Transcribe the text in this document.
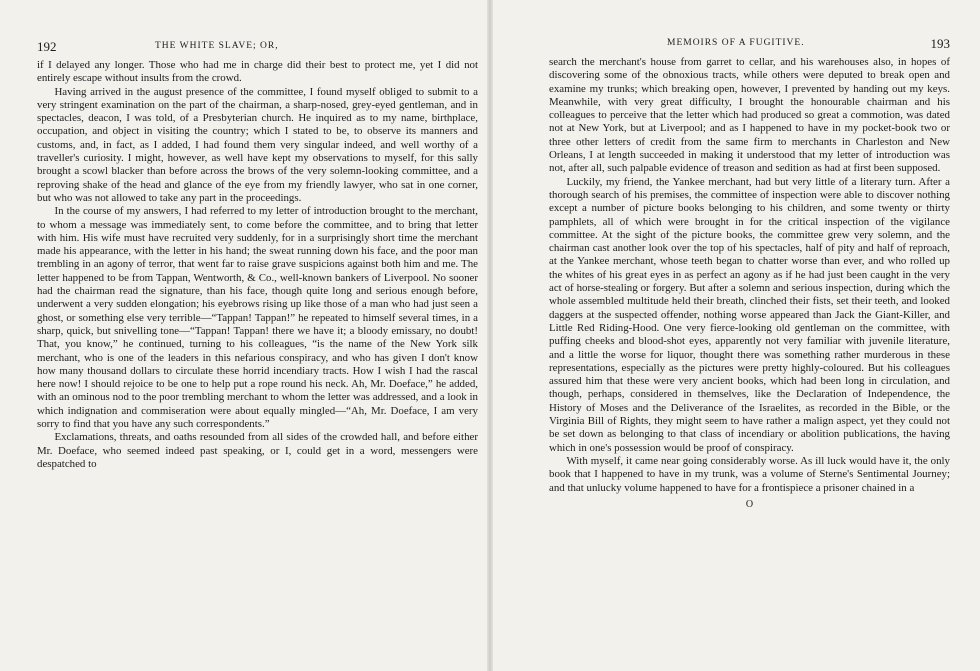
192	THE WHITE SLAVE; OR,

if I delayed any longer. Those who had me in charge did their best to protect me, yet I did not entirely escape without insults from the crowd.

Having arrived in the august presence of the committee, I found myself obliged to submit to a very stringent examination on the part of the chairman, a sharp-nosed, grey-eyed gentleman, and in spectacles, deacon, I was told, of a Presbyterian church. He inquired as to my name, birthplace, occupation, and object in visiting the country; which I stated to be, to observe its manners and customs, and, in fact, as I added, I had found them very singular indeed, and well worthy of a traveller's curiosity. I might, however, as well have kept my observations to myself, for this sally brought a scowl blacker than before across the brows of the very solemn-looking committee, and a reproving shake of the head and glance of the eye from my friendly lawyer, who sat in one corner, but who was not allowed to take any part in the proceedings.

In the course of my answers, I had referred to my letter of introduction brought to the merchant, to whom a message was immediately sent, to come before the committee, and to bring that letter with him. His wife must have recruited very suddenly, for in a surprisingly short time the merchant made his appearance, with the letter in his hand; the sweat running down his face, and the poor man trembling in an agony of terror, that went far to raise grave suspicions against both him and me. The letter happened to be from Tappan, Wentworth, & Co., well-known bankers of Liverpool. No sooner had the chairman read the signature, than his face, though quite long and serious enough before, underwent a very sudden elongation; his eyebrows rising up like those of a man who had just seen a ghost, or something else very terrible—“Tappan! Tappan!” he repeated to himself several times, in a sharp, quick, but snivelling tone—“Tappan! Tappan! there we have it; a bloody emissary, no doubt! That, you know,” he continued, turning to his colleagues, “is the name of the New York silk merchant, who is one of the leaders in this nefarious conspiracy, and who has given I don't know how many thousand dollars to circulate these horrid incendiary tracts. How I wish I had the rascal here now! I should rejoice to be one to help put a rope round his neck. Ah, Mr. Doeface,” he added, with an ominous nod to the poor trembling merchant to whom the letter was addressed, and a look in which indignation and commiseration were about equally mingled—“Ah, Mr. Doeface, I am very sorry to find that you have any such correspondents.”

Exclamations, threats, and oaths resounded from all sides of the crowded hall, and before either Mr. Doeface, who seemed indeed past speaking, or I, could get in a word, messengers were despatched to

MEMOIRS OF A FUGITIVE.	193

search the merchant's house from garret to cellar, and his warehouses also, in hopes of discovering some of the obnoxious tracts, while others were deputed to break open and examine my trunks; which breaking open, however, I prevented by handing out my keys. Meanwhile, with very great difficulty, I brought the honourable chairman and his colleagues to perceive that the letter which had produced so great a commotion, was dated not at New York, but at Liverpool; and as I happened to have in my pocket-book two or three other letters of credit from the same firm to merchants in Charleston and New Orleans, I at length succeeded in making it understood that my letter of introduction was not, after all, such palpable evidence of treason and sedition as had at first been supposed.

Luckily, my friend, the Yankee merchant, had but very little of a literary turn. After a thorough search of his premises, the committee of inspection were able to discover nothing except a number of picture books belonging to his children, and some twenty or thirty pamphlets, all of which were brought in for the critical inspection of the vigilance committee. At the sight of the picture books, the committee grew very solemn, and the chairman cast another look over the top of his spectacles, half of pity and half of reproach, at the Yankee merchant, whose teeth began to chatter worse than ever, and who rolled up the whites of his great eyes in as perfect an agony as if he had just been caught in the very act of horse-stealing or forgery. But after a solemn and serious inspection, during which the whole assembled multitude held their breath, clinched their fists, set their teeth, and looked daggers at the suspected offender, nothing worse appeared than Jack the Giant-Killer, and Little Red Riding-Hood. One very fierce-looking old gentleman on the committee, with puffing cheeks and blood-shot eyes, apparently not very familiar with juvenile literature, and a little the worse for liquor, thought there was something rather murderous in these representations, especially as the pictures were pretty highly-coloured. But his colleagues assured him that these were very ancient books, which had been long in circulation, and though, perhaps, considered in themselves, like the Declaration of Independence, the History of Moses and the Deliverance of the Israelites, as recorded in the Bible, or the Virginia Bill of Rights, they might seem to have rather a malign aspect, yet they could not be set down as belonging to that class of incendiary or abolition publications, the having which in one's possession would be proof of conspiracy.

With myself, it came near going considerably worse. As ill luck would have it, the only book that I happened to have in my trunk, was a volume of Sterne's Sentimental Journey; and that unlucky volume happened to have for a frontispiece a prisoner chained in a

O
